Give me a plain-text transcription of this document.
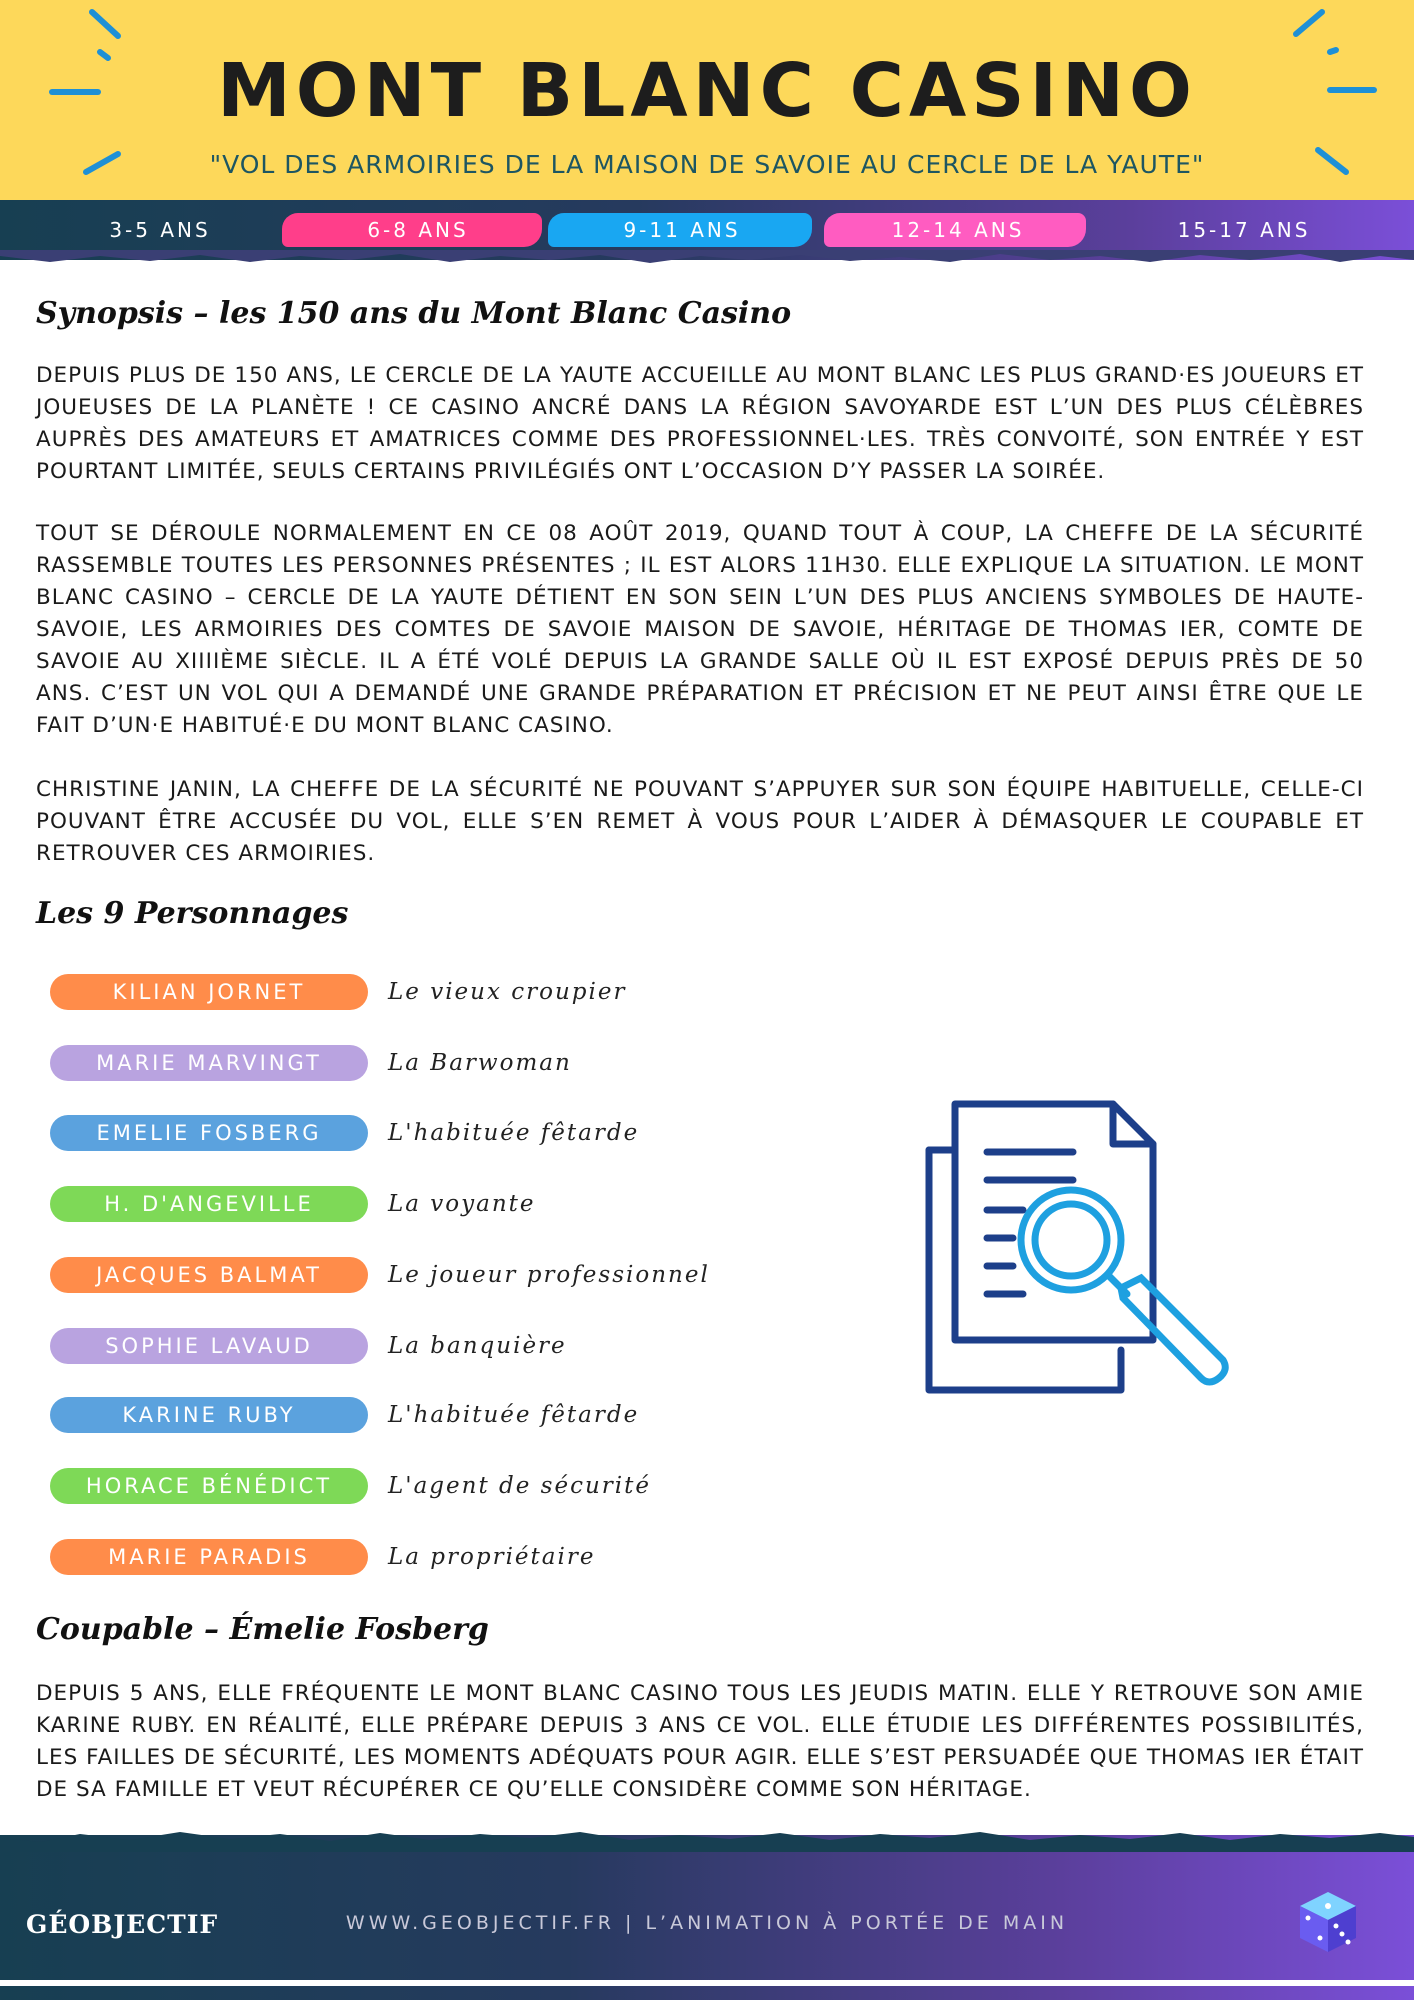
MONT BLANC CASINO
"VOL DES ARMOIRIES DE LA MAISON DE SAVOIE AU CERCLE DE LA YAUTE"
3-5 ANS	6-8 ANS	9-11 ANS	12-14 ANS	15-17 ANS
Synopsis – les 150 ans du Mont Blanc Casino
DEPUIS PLUS DE 150 ANS, LE CERCLE DE LA YAUTE ACCUEILLE AU MONT BLANC LES PLUS GRAND·ES JOUEURS ET JOUEUSES DE LA PLANÈTE ! CE CASINO ANCRÉ DANS LA RÉGION SAVOYARDE EST L’UN DES PLUS CÉLÈBRES AUPRÈS DES AMATEURS ET AMATRICES COMME DES PROFESSIONNEL·LES. TRÈS CONVOITÉ, SON ENTRÉE Y EST POURTANT LIMITÉE, SEULS CERTAINS PRIVILÉGIÉS ONT L’OCCASION D’Y PASSER LA SOIRÉE.
TOUT SE DÉROULE NORMALEMENT EN CE 08 AOÛT 2019, QUAND TOUT À COUP, LA CHEFFE DE LA SÉCURITÉ RASSEMBLE TOUTES LES PERSONNES PRÉSENTES ; IL EST ALORS 11H30. ELLE EXPLIQUE LA SITUATION. LE MONT BLANC CASINO – CERCLE DE LA YAUTE DÉTIENT EN SON SEIN L’UN DES PLUS ANCIENS SYMBOLES DE HAUTE-SAVOIE, LES ARMOIRIES DES COMTES DE SAVOIE MAISON DE SAVOIE, HÉRITAGE DE THOMAS IER, COMTE DE SAVOIE AU XIIIIÈME SIÈCLE. IL A ÉTÉ VOLÉ DEPUIS LA GRANDE SALLE OÙ IL EST EXPOSÉ DEPUIS PRÈS DE 50 ANS. C’EST UN VOL QUI A DEMANDÉ UNE GRANDE PRÉPARATION ET PRÉCISION ET NE PEUT AINSI ÊTRE QUE LE FAIT D’UN·E HABITUÉ·E DU MONT BLANC CASINO.
CHRISTINE JANIN, LA CHEFFE DE LA SÉCURITÉ NE POUVANT S’APPUYER SUR SON ÉQUIPE HABITUELLE, CELLE-CI POUVANT ÊTRE ACCUSÉE DU VOL, ELLE S’EN REMET À VOUS POUR L’AIDER À DÉMASQUER LE COUPABLE ET RETROUVER CES ARMOIRIES.
Les 9 Personnages
KILIAN JORNET	Le vieux croupier
MARIE MARVINGT	La Barwoman
EMELIE FOSBERG	L'habituée fêtarde
H. D'ANGEVILLE	La voyante
JACQUES BALMAT	Le joueur professionnel
SOPHIE LAVAUD	La banquière
KARINE RUBY	L'habituée fêtarde
HORACE BÉNÉDICT	L'agent de sécurité
MARIE PARADIS	La propriétaire
Coupable – Émelie Fosberg
DEPUIS 5 ANS, ELLE FRÉQUENTE LE MONT BLANC CASINO TOUS LES JEUDIS MATIN. ELLE Y RETROUVE SON AMIE KARINE RUBY. EN RÉALITÉ, ELLE PRÉPARE DEPUIS 3 ANS CE VOL. ELLE ÉTUDIE LES DIFFÉRENTES POSSIBILITÉS, LES FAILLES DE SÉCURITÉ, LES MOMENTS ADÉQUATS POUR AGIR. ELLE S’EST PERSUADÉE QUE THOMAS IER ÉTAIT DE SA FAMILLE ET VEUT RÉCUPÉRER CE QU’ELLE CONSIDÈRE COMME SON HÉRITAGE.
GÉOBJECTIF	WWW.GEOBJECTIF.FR | L’ANIMATION À PORTÉE DE MAIN
